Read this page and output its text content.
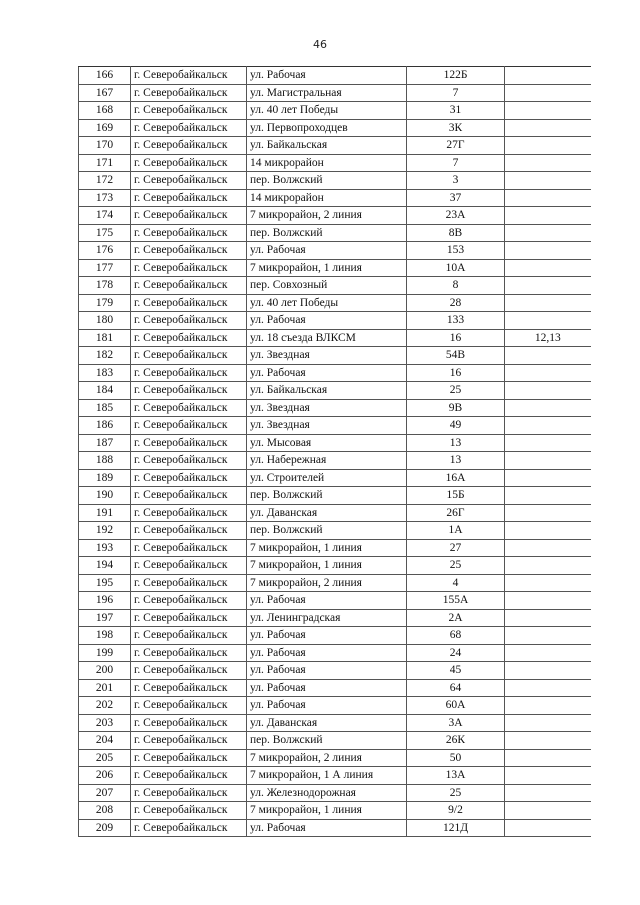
46
166	г. Северобайкальск	ул. Рабочая	122Б	
167	г. Северобайкальск	ул. Магистральная	7	
168	г. Северобайкальск	ул. 40 лет Победы	31	
169	г. Северобайкальск	ул. Первопроходцев	3К	
170	г. Северобайкальск	ул. Байкальская	27Г	
171	г. Северобайкальск	14 микрорайон	7	
172	г. Северобайкальск	пер. Волжский	3	
173	г. Северобайкальск	14 микрорайон	37	
174	г. Северобайкальск	7 микрорайон, 2 линия	23А	
175	г. Северобайкальск	пер. Волжский	8В	
176	г. Северобайкальск	ул. Рабочая	153	
177	г. Северобайкальск	7 микрорайон, 1 линия	10А	
178	г. Северобайкальск	пер. Совхозный	8	
179	г. Северобайкальск	ул. 40 лет Победы	28	
180	г. Северобайкальск	ул. Рабочая	133	
181	г. Северобайкальск	ул. 18 съезда ВЛКСМ	16	12,13
182	г. Северобайкальск	ул. Звездная	54В	
183	г. Северобайкальск	ул. Рабочая	16	
184	г. Северобайкальск	ул. Байкальская	25	
185	г. Северобайкальск	ул. Звездная	9В	
186	г. Северобайкальск	ул. Звездная	49	
187	г. Северобайкальск	ул. Мысовая	13	
188	г. Северобайкальск	ул. Набережная	13	
189	г. Северобайкальск	ул. Строителей	16А	
190	г. Северобайкальск	пер. Волжский	15Б	
191	г. Северобайкальск	ул. Даванская	26Г	
192	г. Северобайкальск	пер. Волжский	1А	
193	г. Северобайкальск	7 микрорайон, 1 линия	27	
194	г. Северобайкальск	7 микрорайон, 1 линия	25	
195	г. Северобайкальск	7 микрорайон, 2 линия	4	
196	г. Северобайкальск	ул. Рабочая	155А	
197	г. Северобайкальск	ул. Ленинградская	2А	
198	г. Северобайкальск	ул. Рабочая	68	
199	г. Северобайкальск	ул. Рабочая	24	
200	г. Северобайкальск	ул. Рабочая	45	
201	г. Северобайкальск	ул. Рабочая	64	
202	г. Северобайкальск	ул. Рабочая	60А	
203	г. Северобайкальск	ул. Даванская	3А	
204	г. Северобайкальск	пер. Волжский	26К	
205	г. Северобайкальск	7 микрорайон, 2 линия	50	
206	г. Северобайкальск	7 микрорайон, 1 А линия	13А	
207	г. Северобайкальск	ул. Железнодорожная	25	
208	г. Северобайкальск	7 микрорайон, 1 линия	9/2	
209	г. Северобайкальск	ул. Рабочая	121Д	
